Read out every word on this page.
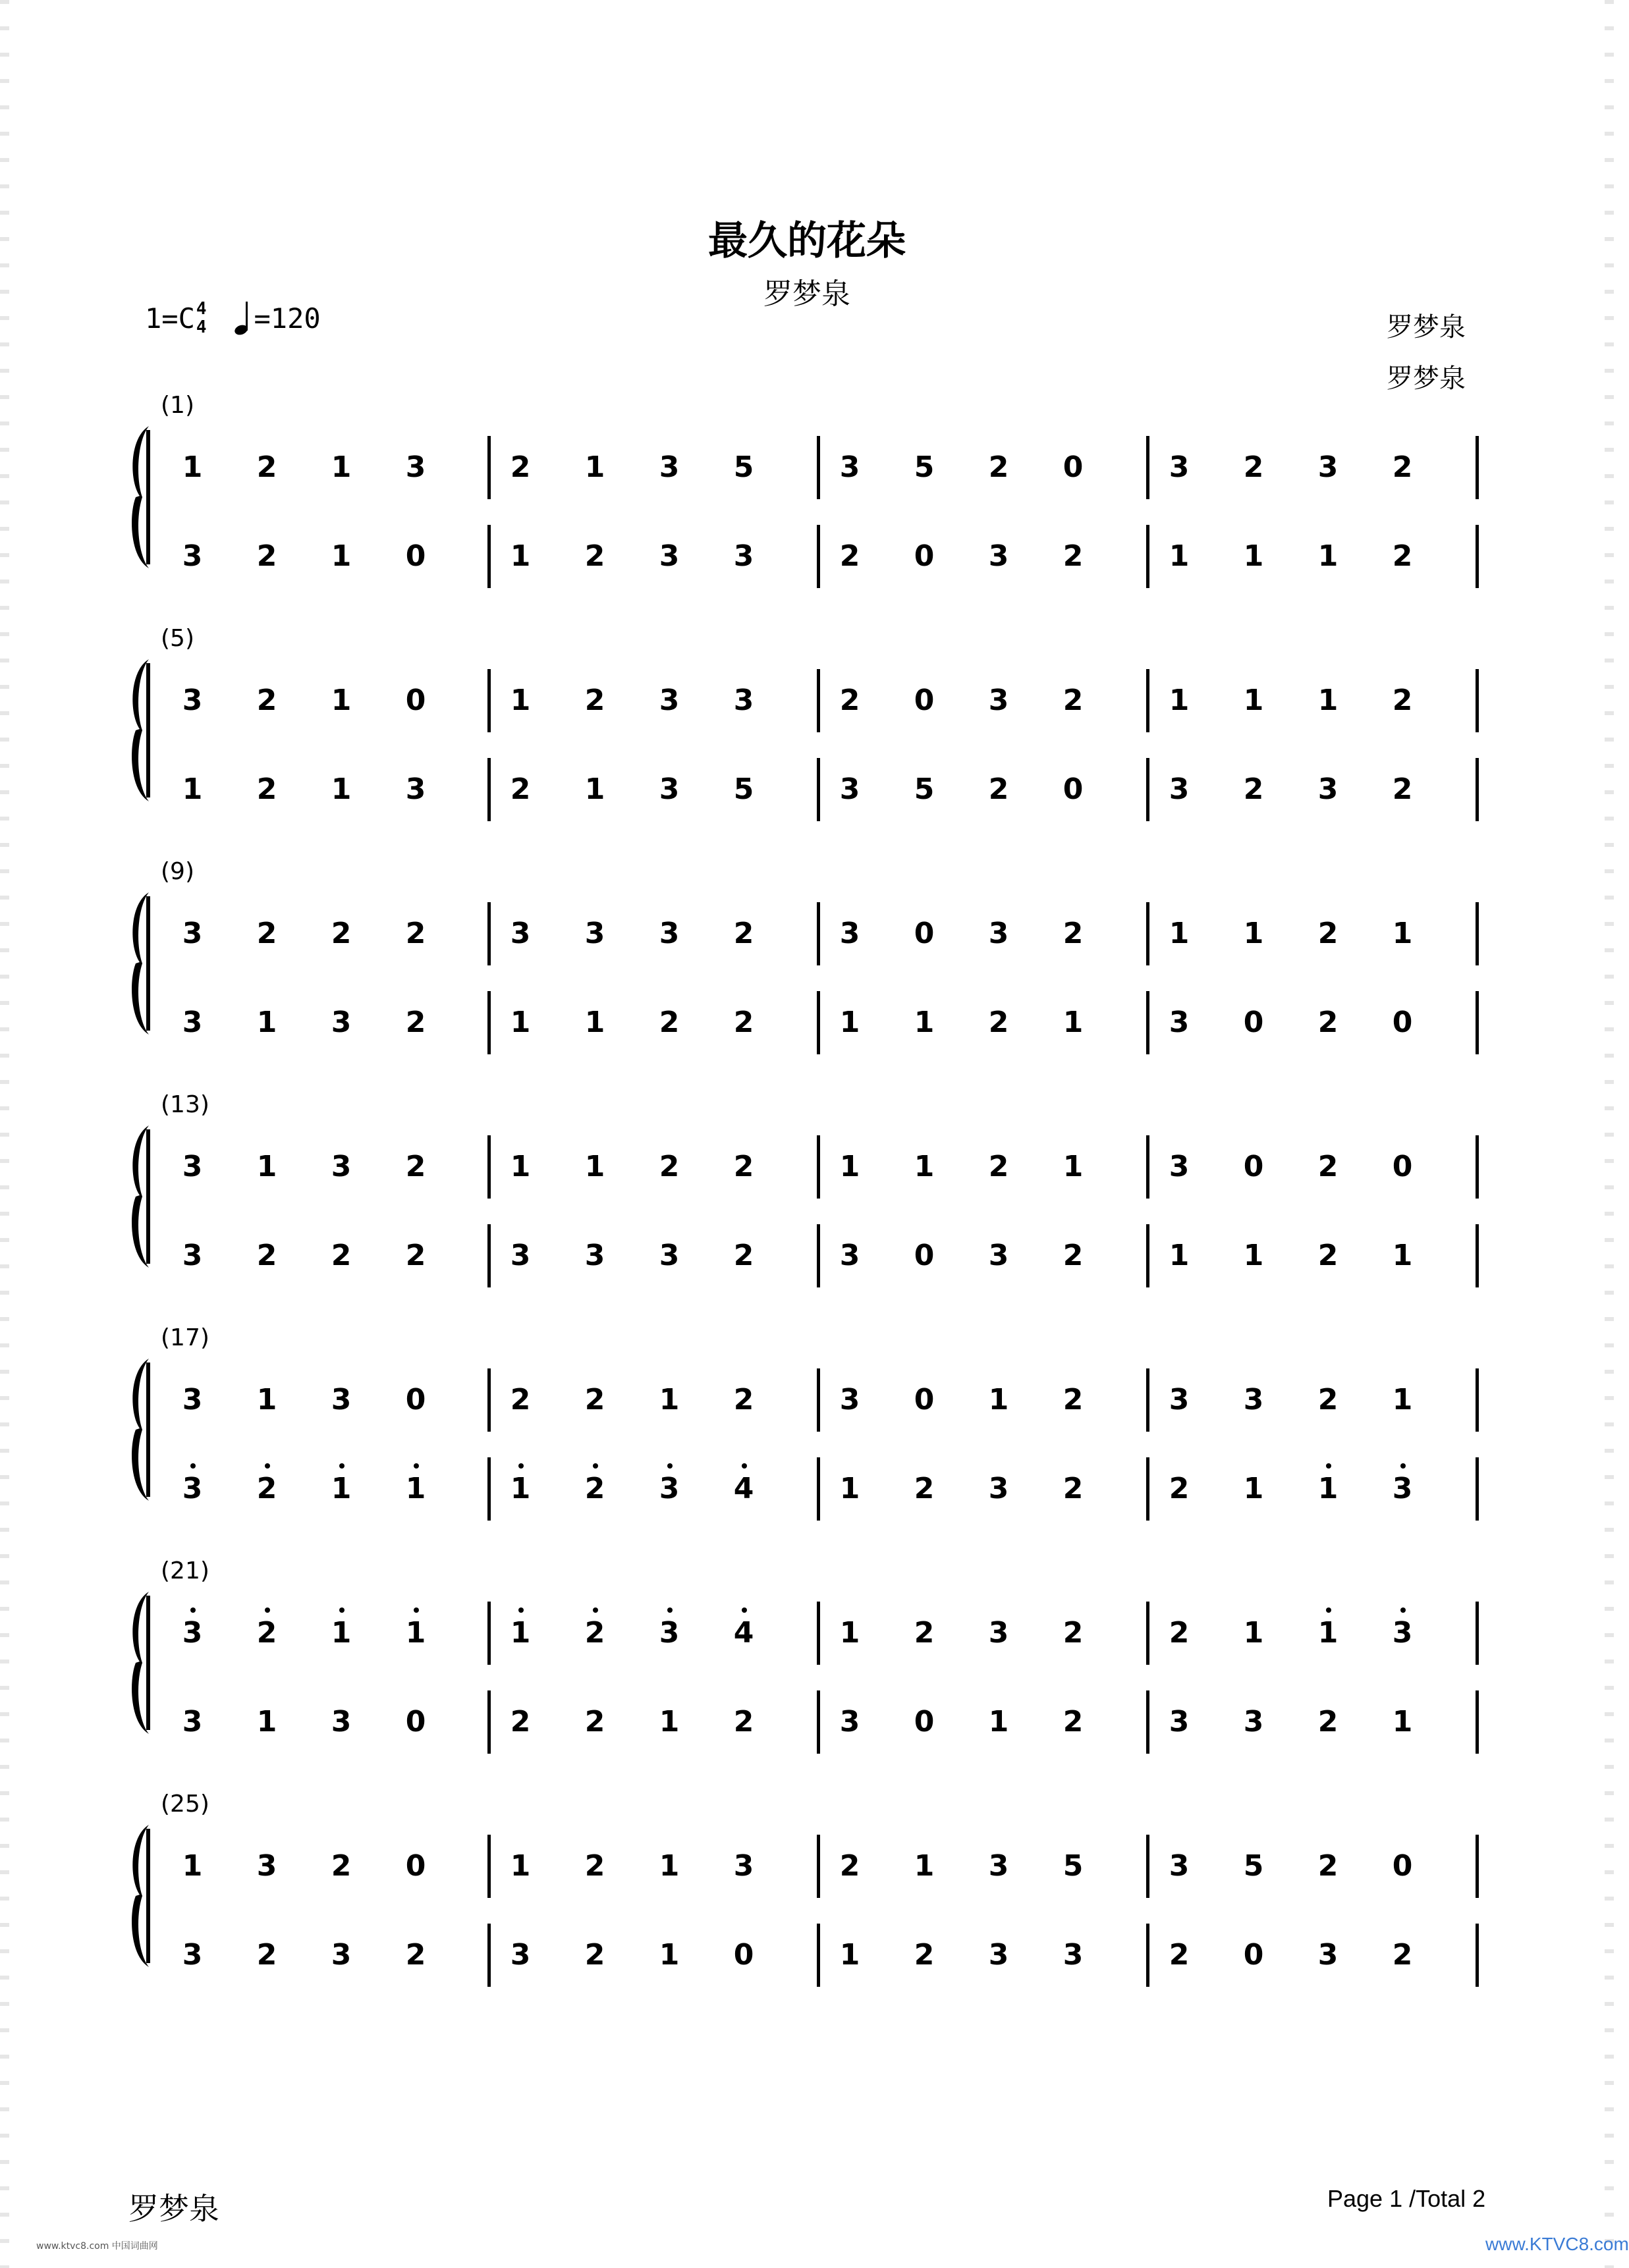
最久的花朵
罗梦泉
1=C 4
4 =120	罗梦泉
罗梦泉
(1)
1	2	1	3	2	1	3	5	3	5	2	0	3	2	3	2
3	2	1	0	1	2	3	3	2	0	3	2	1	1	1	2
(5)
3	2	1	0	1	2	3	3	2	0	3	2	1	1	1	2
1	2	1	3	2	1	3	5	3	5	2	0	3	2	3	2
(9)
3	2	2	2	3	3	3	2	3	0	3	2	1	1	2	1
3	1	3	2	1	1	2	2	1	1	2	1	3	0	2	0
(13)
3	1	3	2	1	1	2	2	1	1	2	1	3	0	2	0
3	2	2	2	3	3	3	2	3	0	3	2	1	1	2	1
(17)
3	1	3	0	2	2	1	2	3	0	1	2	3	3	2	1
3	2	1	1	1	2	3	4	1	2	3	2	2	1	1	3
(21)
3	2	1	1	1	2	3	4	1	2	3	2	2	1	1	3
3	1	3	0	2	2	1	2	3	0	1	2	3	3	2	1
(25)
1	3	2	0	1	2	1	3	2	1	3	5	3	5	2	0
3	2	3	2	3	2	1	0	1	2	3	3	2	0	3	2
罗梦泉	Page 1 /Total 2
www.ktvc8.com 中国词曲网	www.KTVC8.com
